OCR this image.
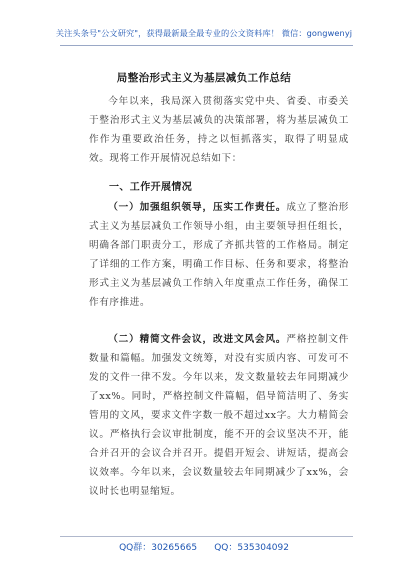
关注头条号"公文研究"，获得最新最全最专业的公文资料库！ 微信：gongwenyj
局整治形式主义为基层减负工作总结

今年以来，我局深入贯彻落实党中央、省委、市委关于整治形式主义为基层减负的决策部署，将为基层减负工作作为重要政治任务，持之以恒抓落实，取得了明显成效。现将工作开展情况总结如下：

一、工作开展情况

（一）加强组织领导，压实工作责任。成立了整治形式主义为基层减负工作领导小组，由主要领导担任组长，明确各部门职责分工，形成了齐抓共管的工作格局。制定了详细的工作方案，明确工作目标、任务和要求，将整治形式主义为基层减负工作纳入年度重点工作任务，确保工作有序推进。

（二）精简文件会议，改进文风会风。严格控制文件数量和篇幅。加强发文统筹，对没有实质内容、可发可不发的文件一律不发。今年以来，发文数量较去年同期减少了xx%。同时，严格控制文件篇幅，倡导简洁明了、务实管用的文风，要求文件字数一般不超过xx字。大力精简会议。严格执行会议审批制度，能不开的会议坚决不开，能合并召开的会议合并召开。提倡开短会、讲短话，提高会议效率。今年以来，会议数量较去年同期减少了xx%，会议时长也明显缩短。

QQ群：30265665 QQ：535304092
